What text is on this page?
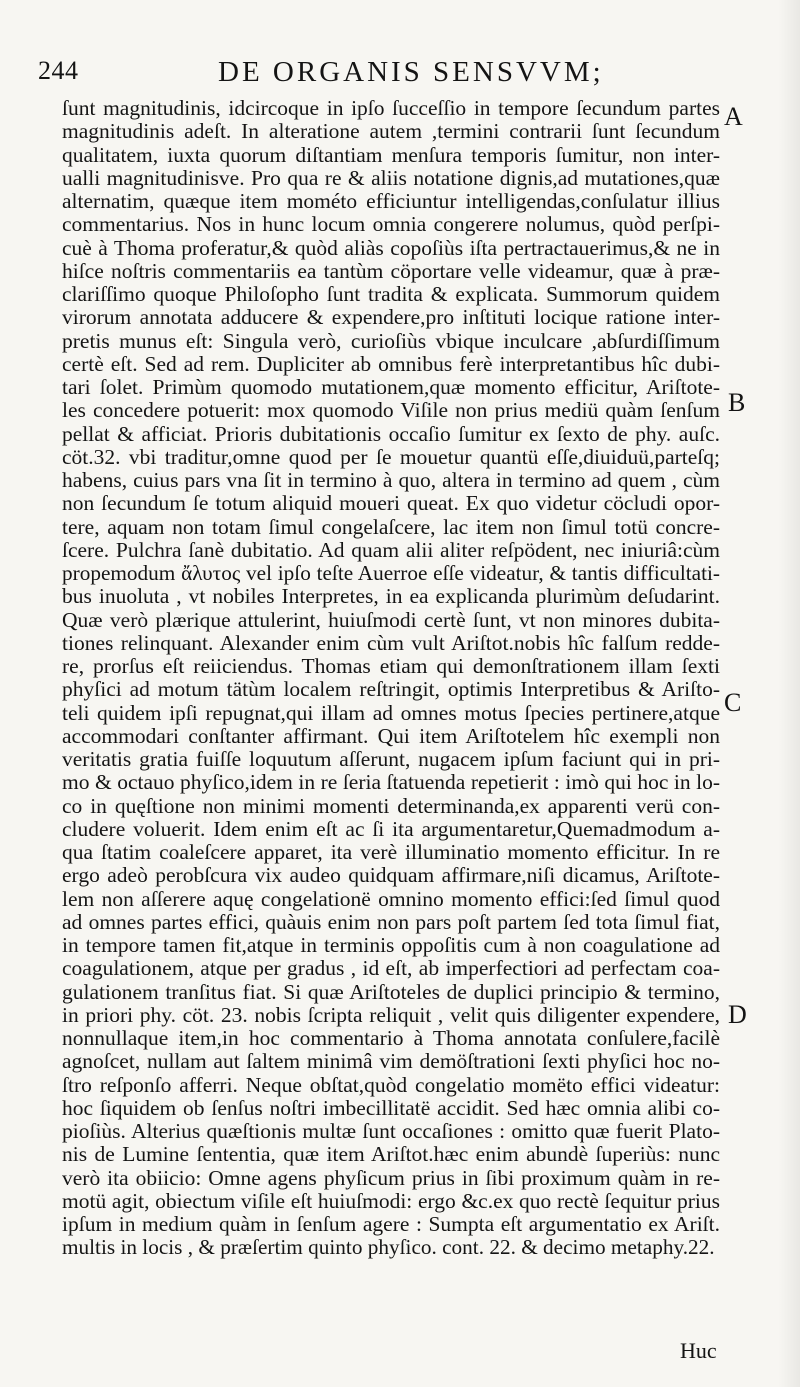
244	DE ORGANIS SENSVVM;
ſunt magnitudinis, idcircoque in ipſo ſucceſſio in tempore ſecundum partes
magnitudinis adeſt. In alteratione autem ,termini contrarii ſunt ſecundum
qualitatem, iuxta quorum diſtantiam menſura temporis ſumitur, non inter-
ualli magnitudinisve. Pro qua re & aliis notatione dignis,ad mutationes,quæ
alternatim, quæque item mométo efficiuntur intelligendas,conſulatur illius
commentarius. Nos in hunc locum omnia congerere nolumus, quòd perſpi-
cuè à Thoma proferatur,& quòd aliàs copoſiùs iſta pertractauerimus,& ne in
hiſce noſtris commentariis ea tantùm cöportare velle videamur, quæ à præ-
clariſſimo quoque Philoſopho ſunt tradita & explicata. Summorum quidem
virorum annotata adducere & expendere,pro inſtituti locique ratione inter-
pretis munus eſt: Singula verò, curioſiùs vbique inculcare ,abſurdiſſimum
certè eſt. Sed ad rem. Dupliciter ab omnibus ferè interpretantibus hîc dubi-
tari ſolet. Primùm quomodo mutationem,quæ momento efficitur, Ariſtote-
les concedere potuerit: mox quomodo Viſile non prius mediü quàm ſenſum
pellat & afficiat. Prioris dubitationis occaſio ſumitur ex ſexto de phy. auſc.
cöt.32. vbi traditur,omne quod per ſe mouetur quantü eſſe,diuiduü,parteſq;
habens, cuius pars vna ſit in termino à quo, altera in termino ad quem , cùm
non ſecundum ſe totum aliquid moueri queat. Ex quo videtur cöcludi opor-
tere, aquam non totam ſimul congelaſcere, lac item non ſimul totü concre-
ſcere. Pulchra ſanè dubitatio. Ad quam alii aliter reſpödent, nec iniuriâ:cùm
propemodum ἄλυτος vel ipſo teſte Auerroe eſſe videatur, & tantis difficultati-
bus inuoluta , vt nobiles Interpretes, in ea explicanda plurimùm deſudarint.
Quæ verò plærique attulerint, huiuſmodi certè ſunt, vt non minores dubita-
tiones relinquant. Alexander enim cùm vult Ariſtot.nobis hîc falſum redde-
re, prorſus eſt reiiciendus. Thomas etiam qui demonſtrationem illam ſexti
phyſici ad motum tätùm localem reſtringit, optimis Interpretibus & Ariſto-
teli quidem ipſi repugnat,qui illam ad omnes motus ſpecies pertinere,atque
accommodari conſtanter affirmant. Qui item Ariſtotelem hîc exempli non
veritatis gratia fuiſſe loquutum aſſerunt, nugacem ipſum faciunt qui in pri-
mo & octauo phyſico,idem in re ſeria ſtatuenda repetierit : imò qui hoc in lo-
co in quęſtione non minimi momenti determinanda,ex apparenti verü con-
cludere voluerit. Idem enim eſt ac ſi ita argumentaretur,Quemadmodum a-
qua ſtatim coaleſcere apparet, ita verè illuminatio momento efficitur. In re
ergo adeò perobſcura vix audeo quidquam affirmare,niſi dicamus, Ariſtote-
lem non aſſerere aquę congelationë omnino momento effici:ſed ſimul quod
ad omnes partes effici, quàuis enim non pars poſt partem ſed tota ſimul fiat,
in tempore tamen fit,atque in terminis oppoſitis cum à non coagulatione ad
coagulationem, atque per gradus , id eſt, ab imperfectiori ad perfectam coa-
gulationem tranſitus fiat. Si quæ Ariſtoteles de duplici principio & termino,
in priori phy. cöt. 23. nobis ſcripta reliquit , velit quis diligenter expendere,
nonnullaque item,in hoc commentario à Thoma annotata conſulere,facilè
agnoſcet, nullam aut ſaltem minimâ vim demöſtrationi ſexti phyſici hoc no-
ſtro reſponſo afferri. Neque obſtat,quòd congelatio momëto effici videatur:
hoc ſiquidem ob ſenſus noſtri imbecillitatë accidit. Sed hæc omnia alibi co-
pioſiùs. Alterius quæſtionis multæ ſunt occaſiones : omitto quæ fuerit Plato-
nis de Lumine ſententia, quæ item Ariſtot.hæc enim abundè ſuperiùs: nunc
verò ita obiicio: Omne agens phyſicum prius in ſibi proximum quàm in re-
motü agit, obiectum viſile eſt huiuſmodi: ergo &c.ex quo rectè ſequitur prius
ipſum in medium quàm in ſenſum agere : Sumpta eſt argumentatio ex Ariſt.
multis in locis , & præſertim quinto phyſico. cont. 22. & decimo metaphy.22.
A
B
C
D
Huc
